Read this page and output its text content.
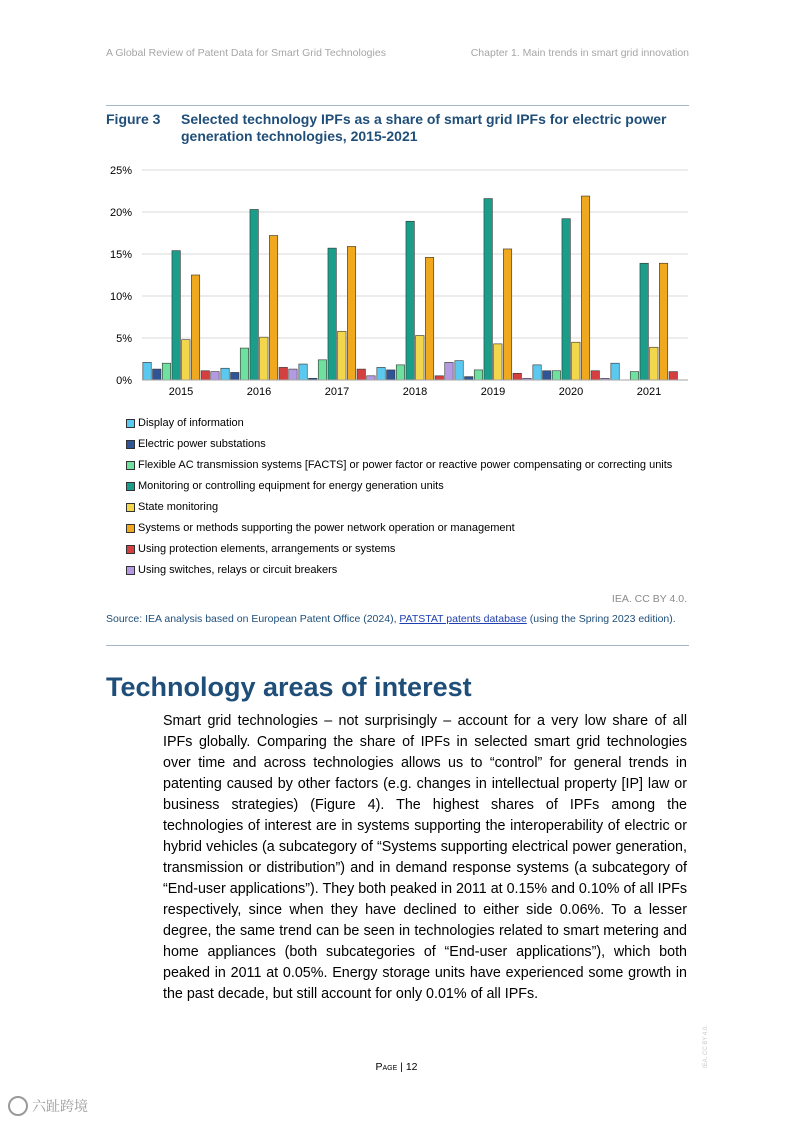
A Global Review of Patent Data for Smart Grid Technologies	Chapter 1. Main trends in smart grid innovation
Figure 3 Selected technology IPFs as a share of smart grid IPFs for electric power generation technologies, 2015-2021
0%
5%
10%
15%
20%
25%
2015	2016	2017	2018	2019	2020	2021
Display of information
Electric power substations
Flexible AC transmission systems [FACTS] or power factor or reactive power compensating or correcting units
Monitoring or controlling equipment for energy generation units
State monitoring
Systems or methods supporting the power network operation or management
Using protection elements, arrangements or systems
Using switches, relays or circuit breakers
IEA. CC BY 4.0.
Source: IEA analysis based on European Patent Office (2024), PATSTAT patents database (using the Spring 2023 edition).
Technology areas of interest
Smart grid technologies – not surprisingly – account for a very low share of all IPFs globally. Comparing the share of IPFs in selected smart grid technologies over time and across technologies allows us to “control” for general trends in patenting caused by other factors (e.g. changes in intellectual property [IP] law or business strategies) (Figure 4). The highest shares of IPFs among the technologies of interest are in systems supporting the interoperability of electric or hybrid vehicles (a subcategory of “Systems supporting electrical power generation, transmission or distribution”) and in demand response systems (a subcategory of “End-user applications”). They both peaked in 2011 at 0.15% and 0.10% of all IPFs respectively, since when they have declined to either side 0.06%. To a lesser degree, the same trend can be seen in technologies related to smart metering and home appliances (both subcategories of “End-user applications”), which both peaked in 2011 at 0.05%. Energy storage units have experienced some growth in the past decade, but still account for only 0.01% of all IPFs.
Page | 12	IEA. CC BY 4.0.
六趾跨境
